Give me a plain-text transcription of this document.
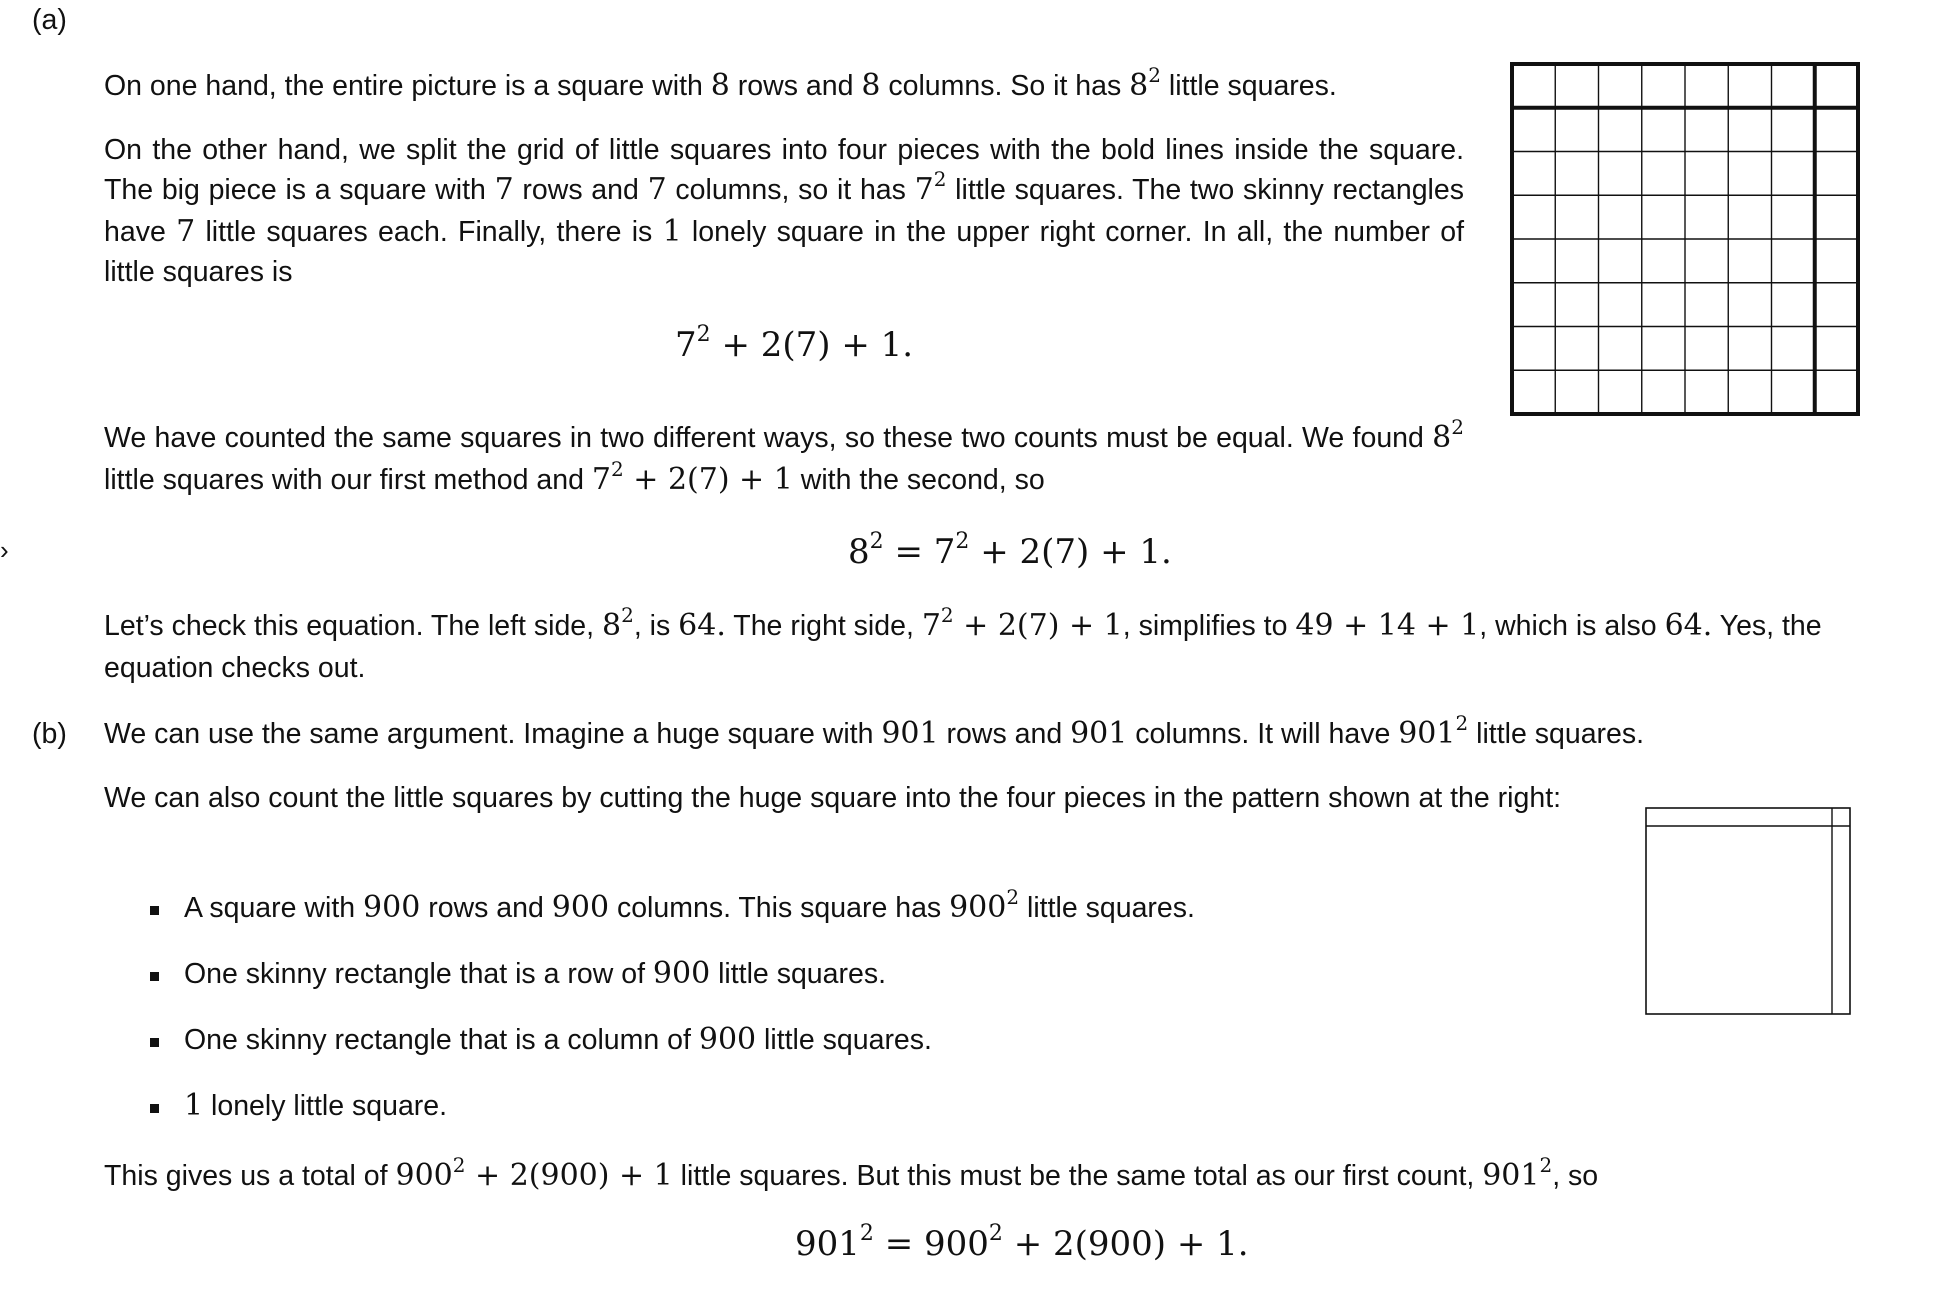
›
(a)

On one hand, the entire picture is a square with 8 rows and 8 columns. So it has $8^2$ little squares.

On the other hand, we split the grid of little squares into four pieces with the bold lines inside the square. The big piece is a square with 7 rows and 7 columns, so it has $7^2$ little squares. The two skinny rectangles have 7 little squares each. Finally, there is 1 lonely square in the upper right corner. In all, the number of little squares is

$7^2 + 2(7) + 1$.

We have counted the same squares in two different ways, so these two counts must be equal. We found $8^2$ little squares with our first method and $7^2 + 2(7) + 1$ with the second, so

$8^2 = 7^2 + 2(7) + 1$.

Let’s check this equation. The left side, $8^2$, is 64. The right side, $7^2 + 2(7) + 1$, simplifies to 49 + 14 + 1, which is also 64. Yes, the
equation checks out.

(b) We can use the same argument. Imagine a huge square with 901 rows and 901 columns. It will have $901^2$ little squares.

We can also count the little squares by cutting the huge square into the four pieces in the pattern shown at the right:

A square with 900 rows and 900 columns. This square has $900^2$ little squares.
One skinny rectangle that is a row of 900 little squares.
One skinny rectangle that is a column of 900 little squares.
1 lonely little square.

This gives us a total of $900^2 + 2(900) + 1$ little squares. But this must be the same total as our first count, $901^2$, so

$901^2 = 900^2 + 2(900) + 1$.
